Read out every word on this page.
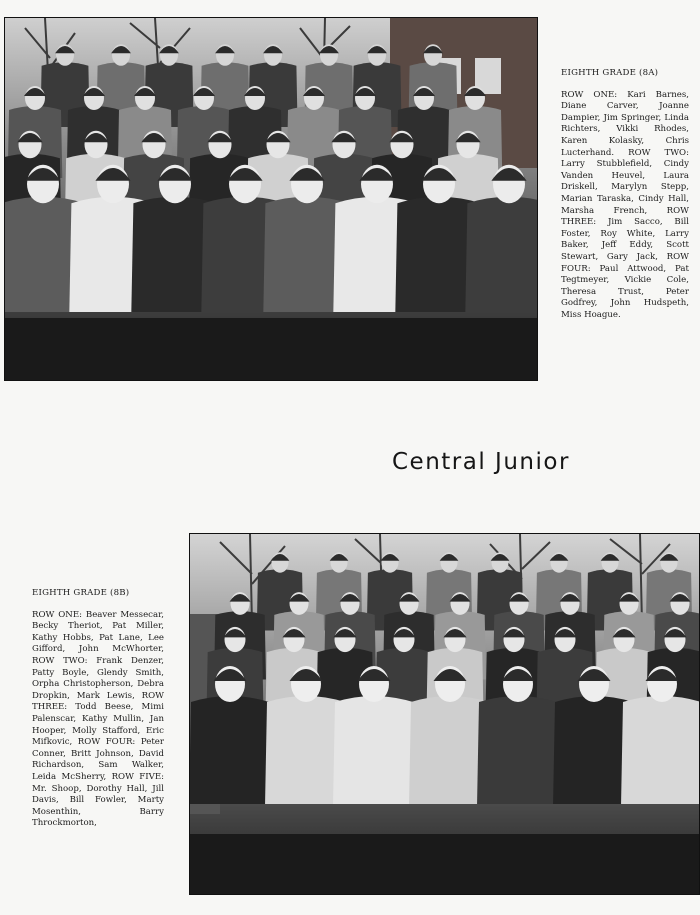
EIGHTH GRADE (8A)
ROW ONE: Kari Barnes, Diane Carver, Joanne Dampier, Jim Springer, Linda Richters, Vikki Rhodes, Karen Kolasky, Chris Lucterhand. ROW TWO: Larry Stubblefield, Cindy Vanden Heuvel, Laura Driskell, Marylyn Stepp, Marian Taraska, Cindy Hall, Marsha French, ROW THREE: Jim Sacco, Bill Foster, Roy White, Larry Baker, Jeff Eddy, Scott Stewart, Gary Jack, ROW FOUR: Paul Attwood, Pat Tegtmeyer, Vickie Cole, Theresa Trust, Peter Godfrey, John Hudspeth, Miss Hoague.
Central Junior
EIGHTH GRADE (8B)
ROW ONE: Beaver Messecar, Becky Theriot, Pat Miller, Kathy Hobbs, Pat Lane, Lee Gifford, John McWhorter, ROW TWO: Frank Denzer, Patty Boyle, Glendy Smith, Orpha Christopherson, Debra Dropkin, Mark Lewis, ROW THREE: Todd Beese, Mimi Palenscar, Kathy Mullin, Jan Hooper, Molly Stafford, Eric Mifkovic, ROW FOUR: Peter Conner, Britt Johnson, David Richardson, Sam Walker, Leida McSherry, ROW FIVE: Mr. Shoop, Dorothy Hall, Jill Davis, Bill Fowler, Marty Mosenthin, Barry Throckmorton,
